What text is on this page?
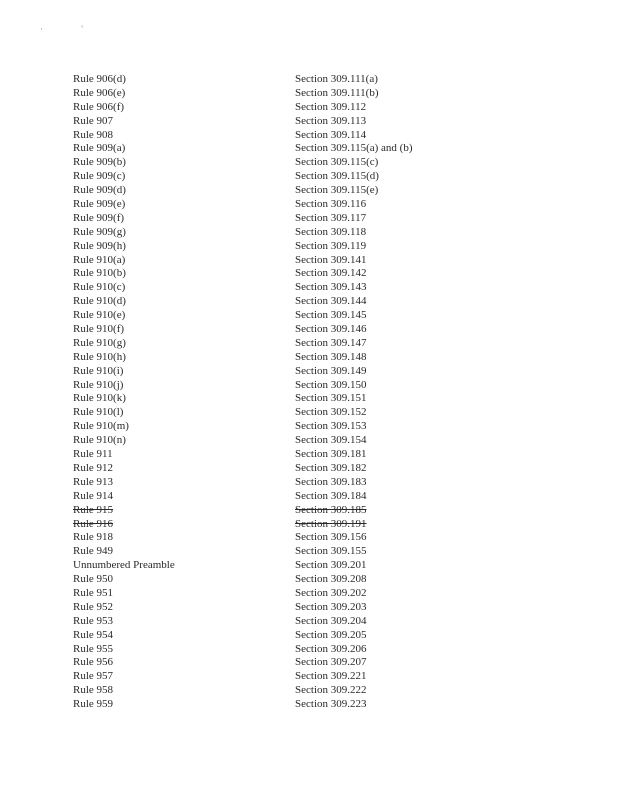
· '
Rule 906(d)	Section 309.111(a)
Rule 906(e)	Section 309.111(b)
Rule 906(f)	Section 309.112
Rule 907	Section 309.113
Rule 908	Section 309.114
Rule 909(a)	Section 309.115(a) and (b)
Rule 909(b)	Section 309.115(c)
Rule 909(c)	Section 309.115(d)
Rule 909(d)	Section 309.115(e)
Rule 909(e)	Section 309.116
Rule 909(f)	Section 309.117
Rule 909(g)	Section 309.118
Rule 909(h)	Section 309.119
Rule 910(a)	Section 309.141
Rule 910(b)	Section 309.142
Rule 910(c)	Section 309.143
Rule 910(d)	Section 309.144
Rule 910(e)	Section 309.145
Rule 910(f)	Section 309.146
Rule 910(g)	Section 309.147
Rule 910(h)	Section 309.148
Rule 910(i)	Section 309.149
Rule 910(j)	Section 309.150
Rule 910(k)	Section 309.151
Rule 910(l)	Section 309.152
Rule 910(m)	Section 309.153
Rule 910(n)	Section 309.154
Rule 911	Section 309.181
Rule 912	Section 309.182
Rule 913	Section 309.183
Rule 914	Section 309.184
Rule 915	Section 309.185
Rule 916	Section 309.191
Rule 918	Section 309.156
Rule 949	Section 309.155
Unnumbered Preamble	Section 309.201
Rule 950	Section 309.208
Rule 951	Section 309.202
Rule 952	Section 309.203
Rule 953	Section 309.204
Rule 954	Section 309.205
Rule 955	Section 309.206
Rule 956	Section 309.207
Rule 957	Section 309.221
Rule 958	Section 309.222
Rule 959	Section 309.223
